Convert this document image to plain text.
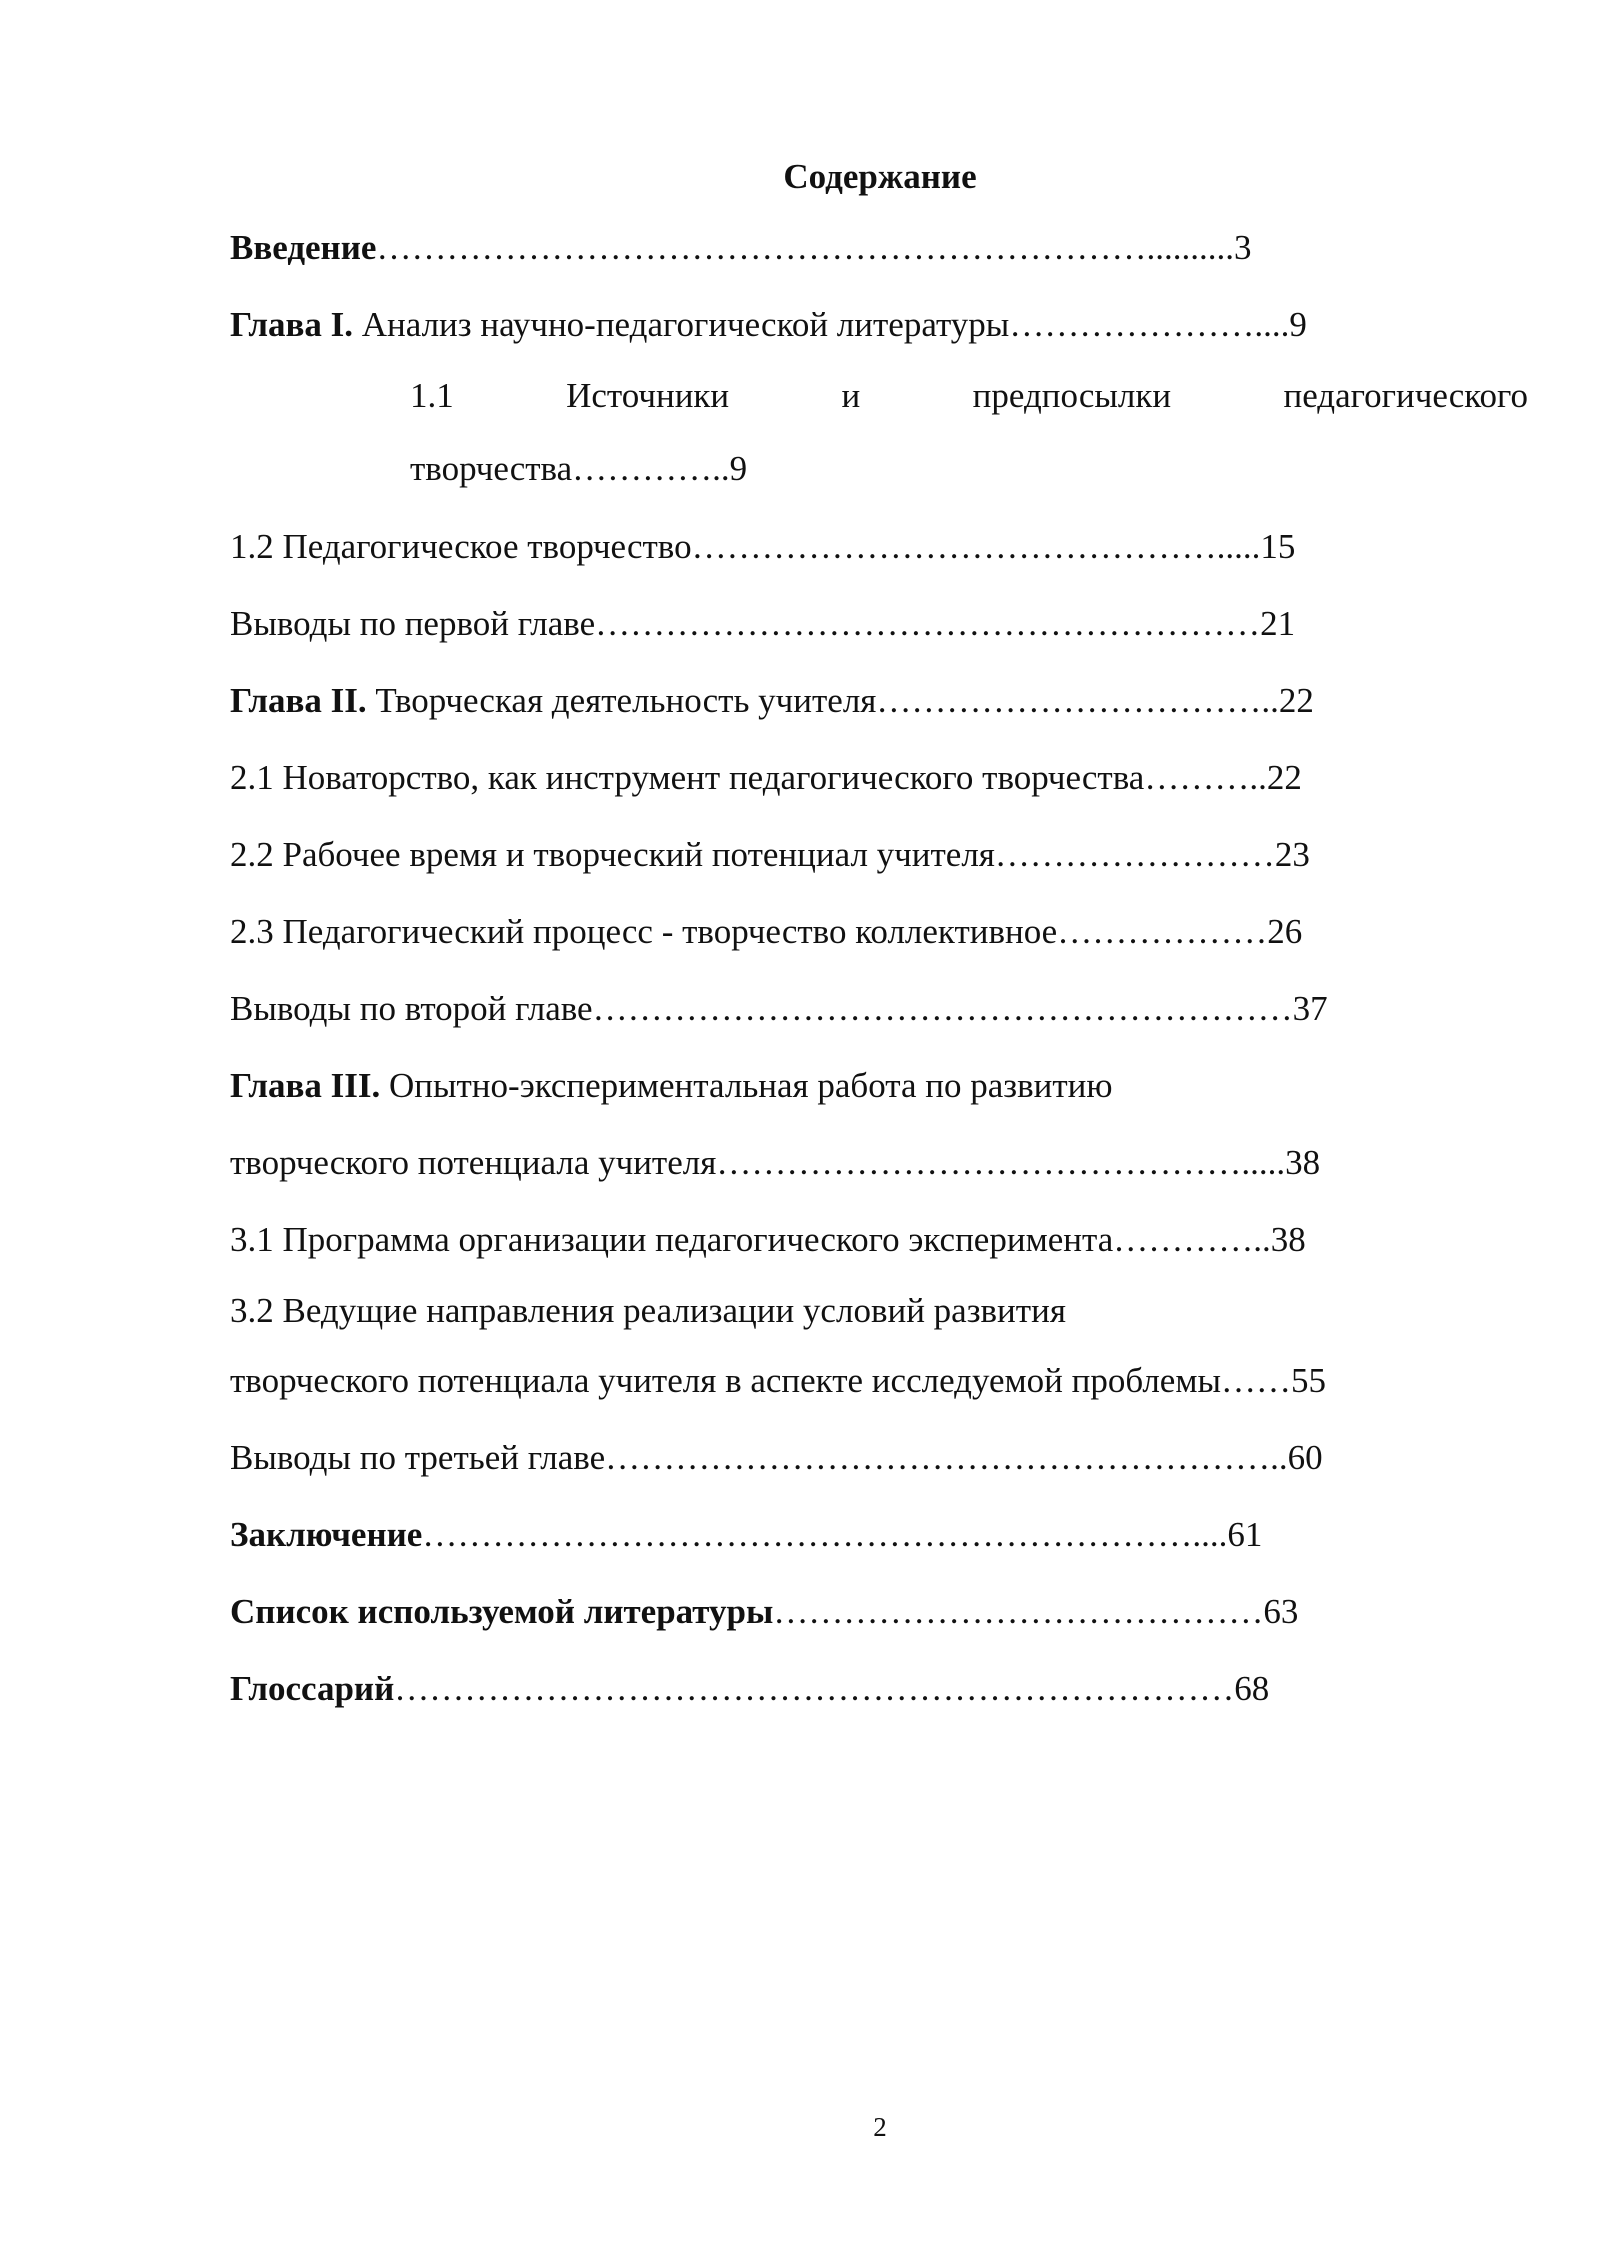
Содержание
Введение…………………………………………………………..........3
Глава I. Анализ научно-педагогической литературы…………………....9
1.1	Источники	и	предпосылки	педагогического
творчества…………..9
1.2 Педагогическое творчество……………………………………….....15
Выводы по первой главе…………………………………………………21
Глава II. Творческая деятельность учителя……………………………..22
2.1 Новаторство, как инструмент педагогического творчества………..22
2.2 Рабочее время и творческий потенциал учителя……………………23
2.3 Педагогический процесс - творчество коллективное………………26
Выводы по второй главе……………………………………………………37
Глава III. Опытно-экспериментальная работа по развитию
творческого потенциала учителя……………………………………….....38
3.1 Программа организации педагогического эксперимента…………..38
3.2 Ведущие направления реализации условий развития
творческого потенциала учителя в аспекте исследуемой проблемы……55
Выводы по третьей главе…………………………………………………..60
Заключение…………………………………………………………....61
Список используемой литературы……………………………………63
Глоссарий………………………………………………………………68
2
